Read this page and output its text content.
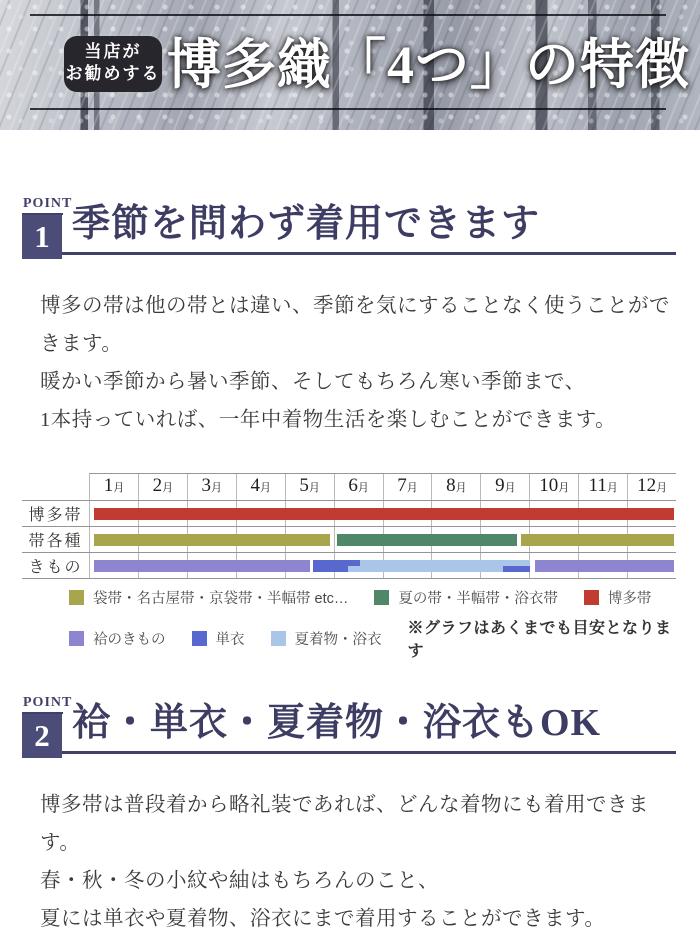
当店が
お勧めする 博多織「4つ」の特徴
POINT
1 季節を問わず着用できます

博多の帯は他の帯とは違い、季節を気にすることなく使うことができます。

暖かい季節から暑い季節、そしてもちろん寒い季節まで、

1本持っていれば、一年中着物生活を楽しむことができます。

1月	2月	3月	4月	5月	6月	7月	8月	9月	10月	11月	12月
博多帯
帯各種
きもの
袋帯・名古屋帯・京袋帯・半幅帯 etc…	夏の帯・半幅帯・浴衣帯	博多帯
袷のきもの	単衣	夏着物・浴衣
※グラフはあくまでも目安となります
POINT
2 袷・単衣・夏着物・浴衣もOK

博多帯は普段着から略礼装であれば、どんな着物にも着用できます。

春・秋・冬の小紋や紬はもちろんのこと、

夏には単衣や夏着物、浴衣にまで着用することができます。
